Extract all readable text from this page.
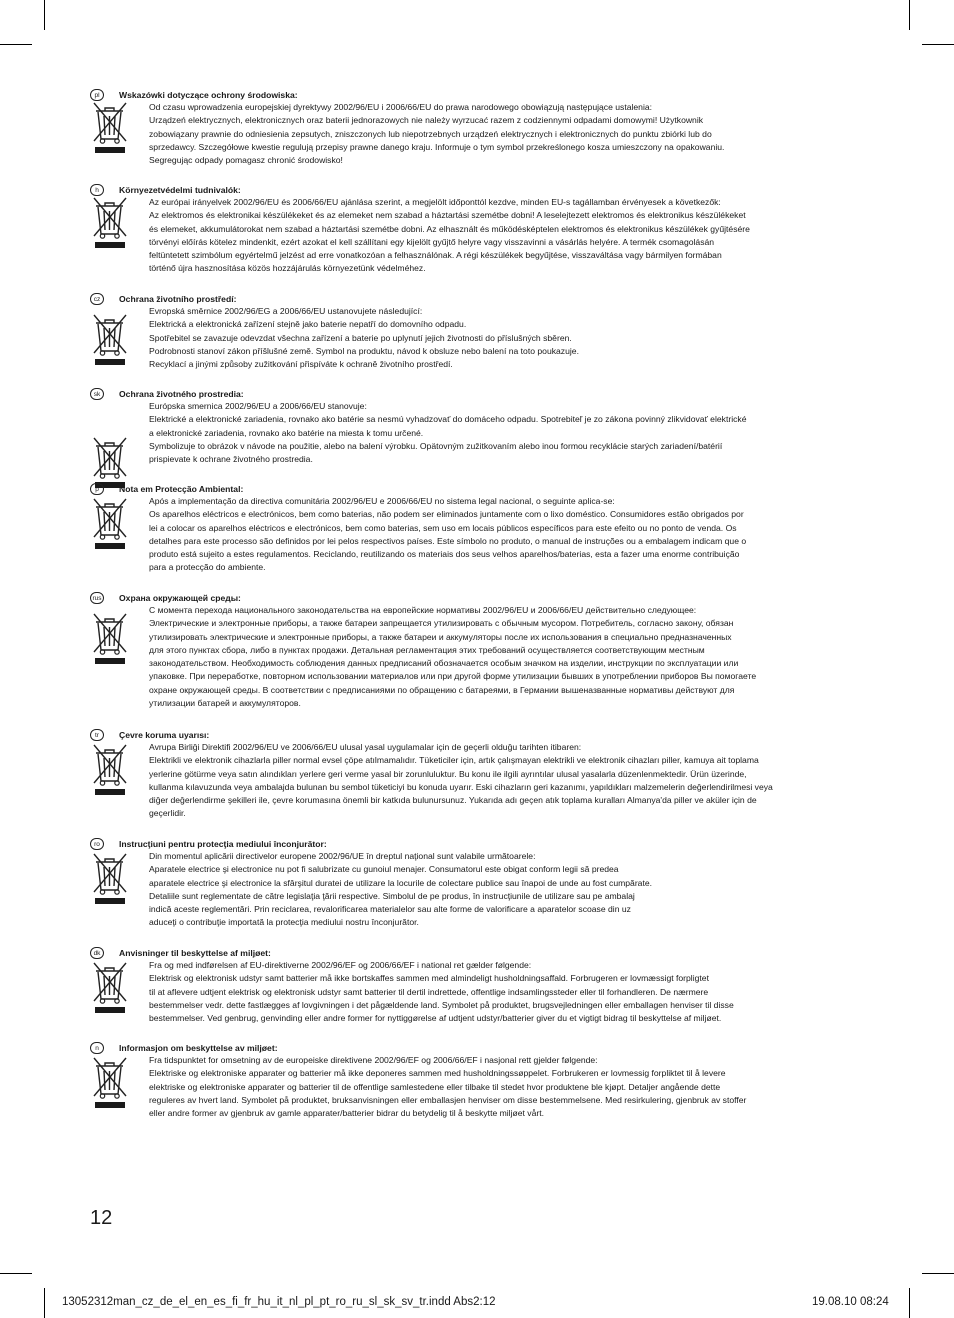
pl	Wskazówki dotyczące ochrony środowiska:
Od czasu wprowadzenia europejskiej dyrektywy 2002/96/EU i 2006/66/EU do prawa narodowego obowiązują następujące ustalenia:
Urządzeń elektrycznych, elektronicznych oraz baterii jednorazowych nie należy wyrzucać razem z codziennymi odpadami domowymi! Użytkownik
zobowiązany prawnie do odniesienia zepsutych, zniszczonych lub niepotrzebnych urządzeń elektrycznych i elektronicznych do punktu zbiórki lub do
sprzedawcy. Szczegółowe kwestie regulują przepisy prawne danego kraju. Informuje o tym symbol przekreślonego kosza umieszczony na opakowaniu.
Segregując odpady pomagasz chronić środowisko!
h	Környezetvédelmi tudnivalók:
Az európai irányelvek 2002/96/EU és 2006/66/EU ajánlása szerint, a megjelölt időponttól kezdve, minden EU-s tagállamban érvényesek a következők:
Az elektromos és elektronikai készülékeket és az elemeket nem szabad a háztartási szemétbe dobni! A leselejtezett elektromos és elektronikus készülékeket
és elemeket, akkumulátorokat nem szabad a háztartási szemétbe dobni. Az elhasznált és működésképtelen elektromos és elektronikus készülékek gyűjtésére
törvényi előírás kötelez mindenkit, ezért azokat el kell szállítani egy kijelölt gyűjtő helyre vagy visszavinni a vásárlás helyére. A termék csomagolásán
feltüntetett szimbólum egyértelmű jelzést ad erre vonatkozóan a felhasználónak. A régi készülékek begyűjtése, visszaváltása vagy bármilyen formában
történő újra hasznosítása közös hozzájárulás környezetünk védelméhez.
cz	Ochrana životního prostředí:
Evropská směrnice 2002/96/EG a 2006/66/EU ustanovujete následující:
Elektrická a elektronická zařízení stejně jako baterie nepatří do domovního odpadu.
Spotřebitel se zavazuje odevzdat všechna zařízení a baterie po uplynutí jejich životnosti do příslušných sběren.
Podrobnosti stanoví zákon příšlušné země. Symbol na produktu, návod k obsluze nebo balení na toto poukazuje.
Recyklací a jinými způsoby zužitkování přispíváte k ochraně životního prostředí.
sk	Ochrana životného prostredia:
Európska smernica 2002/96/EU a 2006/66/EU stanovuje:
Elektrické a elektronické zariadenia, rovnako ako batérie sa nesmú vyhadzovať do domáceho odpadu. Spotrebiteľ je zo zákona povinný zlikvidovať elektrické
a elektronické zariadenia, rovnako ako batérie na miesta k tomu určené.
Symbolizuje to obrázok v návode na použitie, alebo na balení výrobku. Opätovným zužitkovaním alebo inou formou recyklácie starých zariadení/batérií
prispievate k ochrane životného prostredia.
p	Nota em Protecção Ambiental:
Após a implementação da directiva comunitária 2002/96/EU e 2006/66/EU no sistema legal nacional, o seguinte aplica-se:
Os aparelhos eléctricos e electrónicos, bem como baterias, não podem ser eliminados juntamente com o lixo doméstico. Consumidores estão obrigados por
lei a colocar os aparelhos eléctricos e electrónicos, bem como baterias, sem uso em locais públicos específicos para este efeito ou no ponto de venda. Os
detalhes para este processo são definidos por lei pelos respectivos países. Este símbolo no produto, o manual de instruções ou a embalagem indicam que o
produto está sujeito a estes regulamentos. Reciclando, reutilizando os materiais dos seus velhos aparelhos/baterias, esta a fazer uma enorme contribuição
para a protecção do ambiente.
rus Охрана окружающей среды:
С момента перехода национального законодательства на европейские нормативы 2002/96/EU и 2006/66/EU действительно следующее:
Электрические и электронные приборы, а также батареи запрещается утилизировать с обычным мусором. Потребитель, согласно закону, обязан
утилизировать электрические и электронные приборы, а также батареи и аккумуляторы после их использования в специально предназначенных
для этого пунктах сбора, либо в пунктах продажи. Детальная регламентация этих требований осуществляется соответствующим местным
законодательством. Необходимость соблюдения данных предписаний обозначается особым значком на изделии, инструкции по эксплуатации или
упаковке. При переработке, повторном использовании материалов или при другой форме утилизации бывших в употреблении приборов Вы помогаете
охране окружающей среды. В соответствии с предписаниями по обращению с батареями, в Германии вышеназванные нормативы действуют для
утилизации батарей и аккумуляторов.
tr	Çevre koruma uyarısı:
Avrupa Birliği Direktifi 2002/96/EU ve 2006/66/EU ulusal yasal uygulamalar için de geçerli olduğu tarihten itibaren:
Elektrikli ve elektronik cihazlarla piller normal evsel çöpe atılmamalıdır. Tüketiciler için, artık çalışmayan elektrikli ve elektronik cihazları piller, kamuya ait toplama
yerlerine götürme veya satın alındıkları yerlere geri verme yasal bir zorunluluktur. Bu konu ile ilgili ayrıntılar ulusal yasalarla düzenlenmektedir. Ürün üzerinde,
kullanma kılavuzunda veya ambalajda bulunan bu sembol tüketiciyi bu konuda uyarır. Eski cihazların geri kazanımı, yapıldıkları malzemelerin değerlendirilmesi veya
diğer değerlendirme şekilleri ile, çevre korumasına önemli bir katkıda bulunursunuz. Yukarıda adı geçen atık toplama kuralları Almanya'da piller ve aküler için de
geçerlidir.
ro	Instrucţiuni pentru protecţia mediului înconjurător:
Din momentul aplicării directivelor europene 2002/96/UE în dreptul naţional sunt valabile următoarele:
Aparatele electrice şi electronice nu pot fi salubrizate cu gunoiul menajer. Consumatorul este obigat conform legii să predea
aparatele electrice şi electronice la sfârşitul duratei de utilizare la locurile de colectare publice sau înapoi de unde au fost cumpărate.
Detaliile sunt reglementate de către legislaţia ţării respective. Simbolul de pe produs, în instrucţiunile de utilizare sau pe ambalaj
indică aceste reglementări. Prin reciclarea, revalorificarea materialelor sau alte forme de valorificare a aparatelor scoase din uz
aduceţi o contribuţie importată la protecţia mediului nostru înconjurător.
dk	Anvisninger til beskyttelse af miljøet:
Fra og med indførelsen af EU-direktiverne 2002/96/EF og 2006/66/EF i national ret gælder følgende:
Elektrisk og elektronisk udstyr samt batterier må ikke bortskaffes sammen med almindeligt husholdningsaffald. Forbrugeren er lovmæssigt forpligtet
til at aflevere udtjent elektrisk og elektronisk udstyr samt batterier til dertil indrettede, offentlige indsamlingssteder eller til forhandleren. De nærmere
bestemmelser vedr. dette fastlægges af lovgivningen i det pågældende land. Symbolet på produktet, brugsvejledningen eller emballagen henviser til disse
bestemmelser. Ved genbrug, genvinding eller andre former for nyttiggørelse af udtjent udstyr/batterier giver du et vigtigt bidrag til beskyttelse af miljøet.
n	Informasjon om beskyttelse av miljøet:
Fra tidspunktet for omsetning av de europeiske direktivene 2002/96/EF og 2006/66/EF i nasjonal rett gjelder følgende:
Elektriske og elektroniske apparater og batterier må ikke deponeres sammen med husholdningssøppelet. Forbrukeren er lovmessig forpliktet til å levere
elektriske og elektroniske apparater og batterier til de offentlige samlestedene eller tilbake til stedet hvor produktene ble kjøpt. Detaljer angående dette
reguleres av hvert land. Symbolet på produktet, bruksanvisningen eller emballasjen henviser om disse bestemmelsene. Med resirkulering, gjenbruk av stoffer
eller andre former av gjenbruk av gamle apparater/batterier bidrar du betydelig til å beskytte miljøet vårt.
12
13052312man_cz_de_el_en_es_fi_fr_hu_it_nl_pl_pt_ro_ru_sl_sk_sv_tr.indd Abs2:12	19.08.10 08:24
